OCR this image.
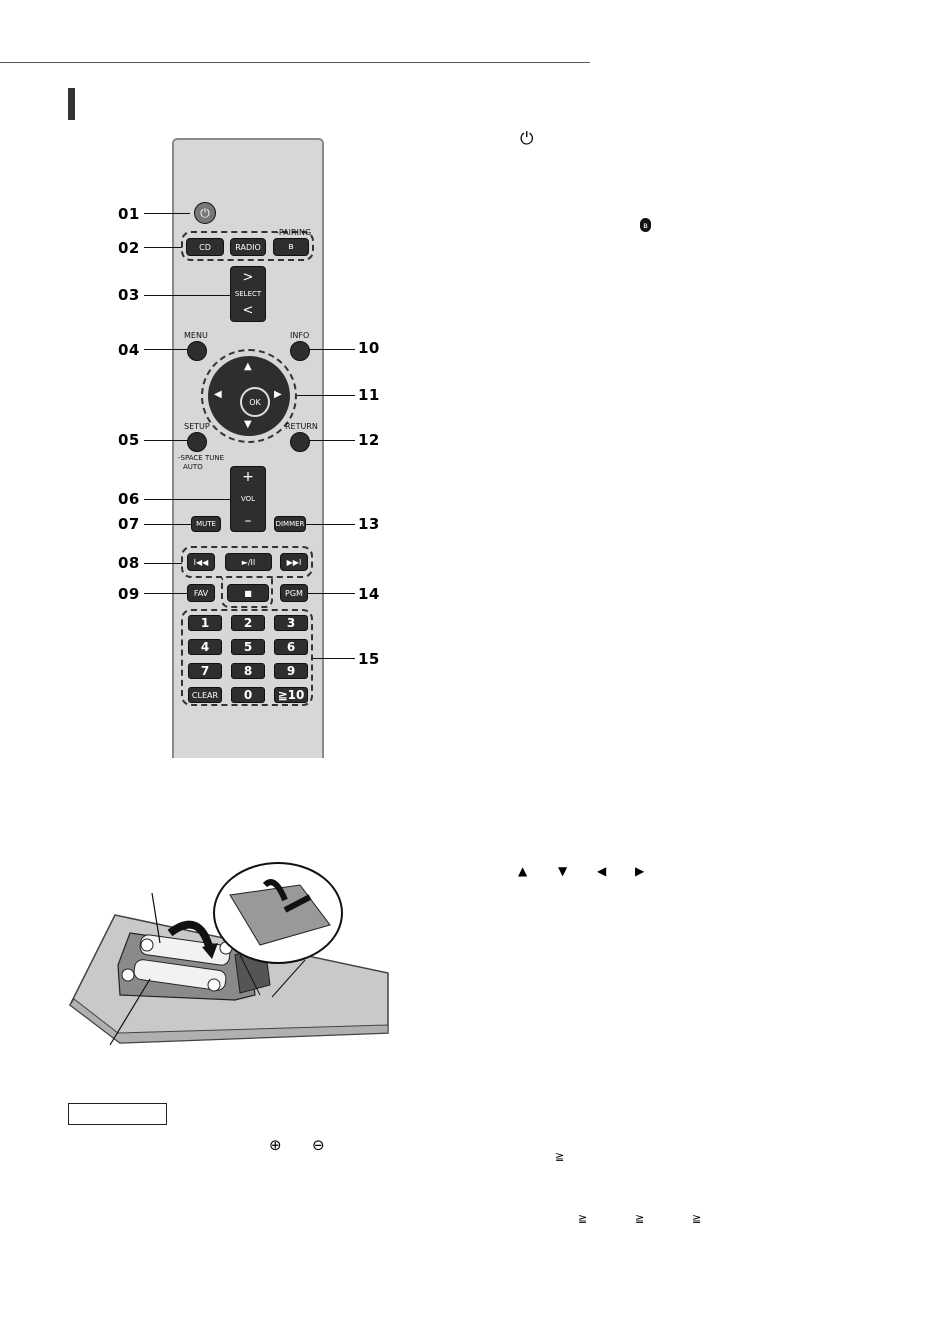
⏻
CD	RADIO	ʙ
-PAIRING
>
SELECT
<
MENU	INFO
▲
▼
◀	▶
OK
SETUP
-SPACE TUNE
AUTO
RETURN
+
VOL
–
MUTE	DIMMER
I◀◀	►/II	▶▶I
FAV	■	PGM
1	2	3
4	5	6
7	8	9
CLEAR	0	≧10
01
02
03
04
05
06
07
08
09
10
11
12
13
14
15
⏻
ʙ
▲	▼ ◀ ▶
≧
≧	≧	≧
⊕ ⊖
